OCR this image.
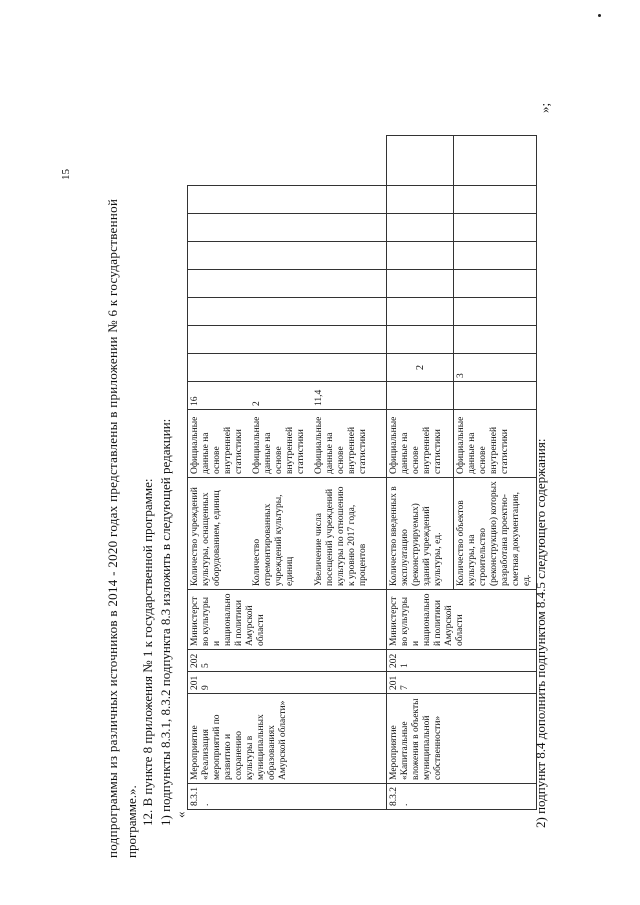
15
подпрограммы из различных источников в 2014 - 2020 годах представлены в приложении № 6 к государственной программе.». 12. В пункте 8 приложения № 1 к государственной программе: 1) подпункты 8.3.1, 8.3.2 подпункта 8.3 изложить в следующей редакции: «
8.3.1.	Мероприятие «Реализация мероприятий по развитию и сохранению культуры в муниципальных образованиях Амурской области»	2019	2025	Министерство культуры и национальной политики Амурской области	Количество учреждений культуры, оснащенных оборудованием, единиц	Официальные данные на основе внутренней статистики	16								
					Количество отремонтированных учреждений культуры, единиц	Официальные данные на основе внутренней статистики	2								
					Увеличение числа посещений учреждений культуры по отношению к уровню 2017 года, процентов	Официальные данные на основе внутренней статистики	11,4								
8.3.2.	Мероприятие «Капитальные вложения в объекты муниципальной собственности»	2017	2021	Министерство культуры и национальной политики Амурской области	Количество введенных в эксплуатацию (реконструируемых) зданий учреждений культуры, ед.	Официальные данные на основе внутренней статистики		2							
					Количество объектов культуры, на строительство (реконструкцию) которых разработана проектно-сметная документация, ед.	Официальные данные на основе внутренней статистики		3							
»;
2) подпункт 8.4 дополнить подпунктом 8.4.5 следующего содержания:
